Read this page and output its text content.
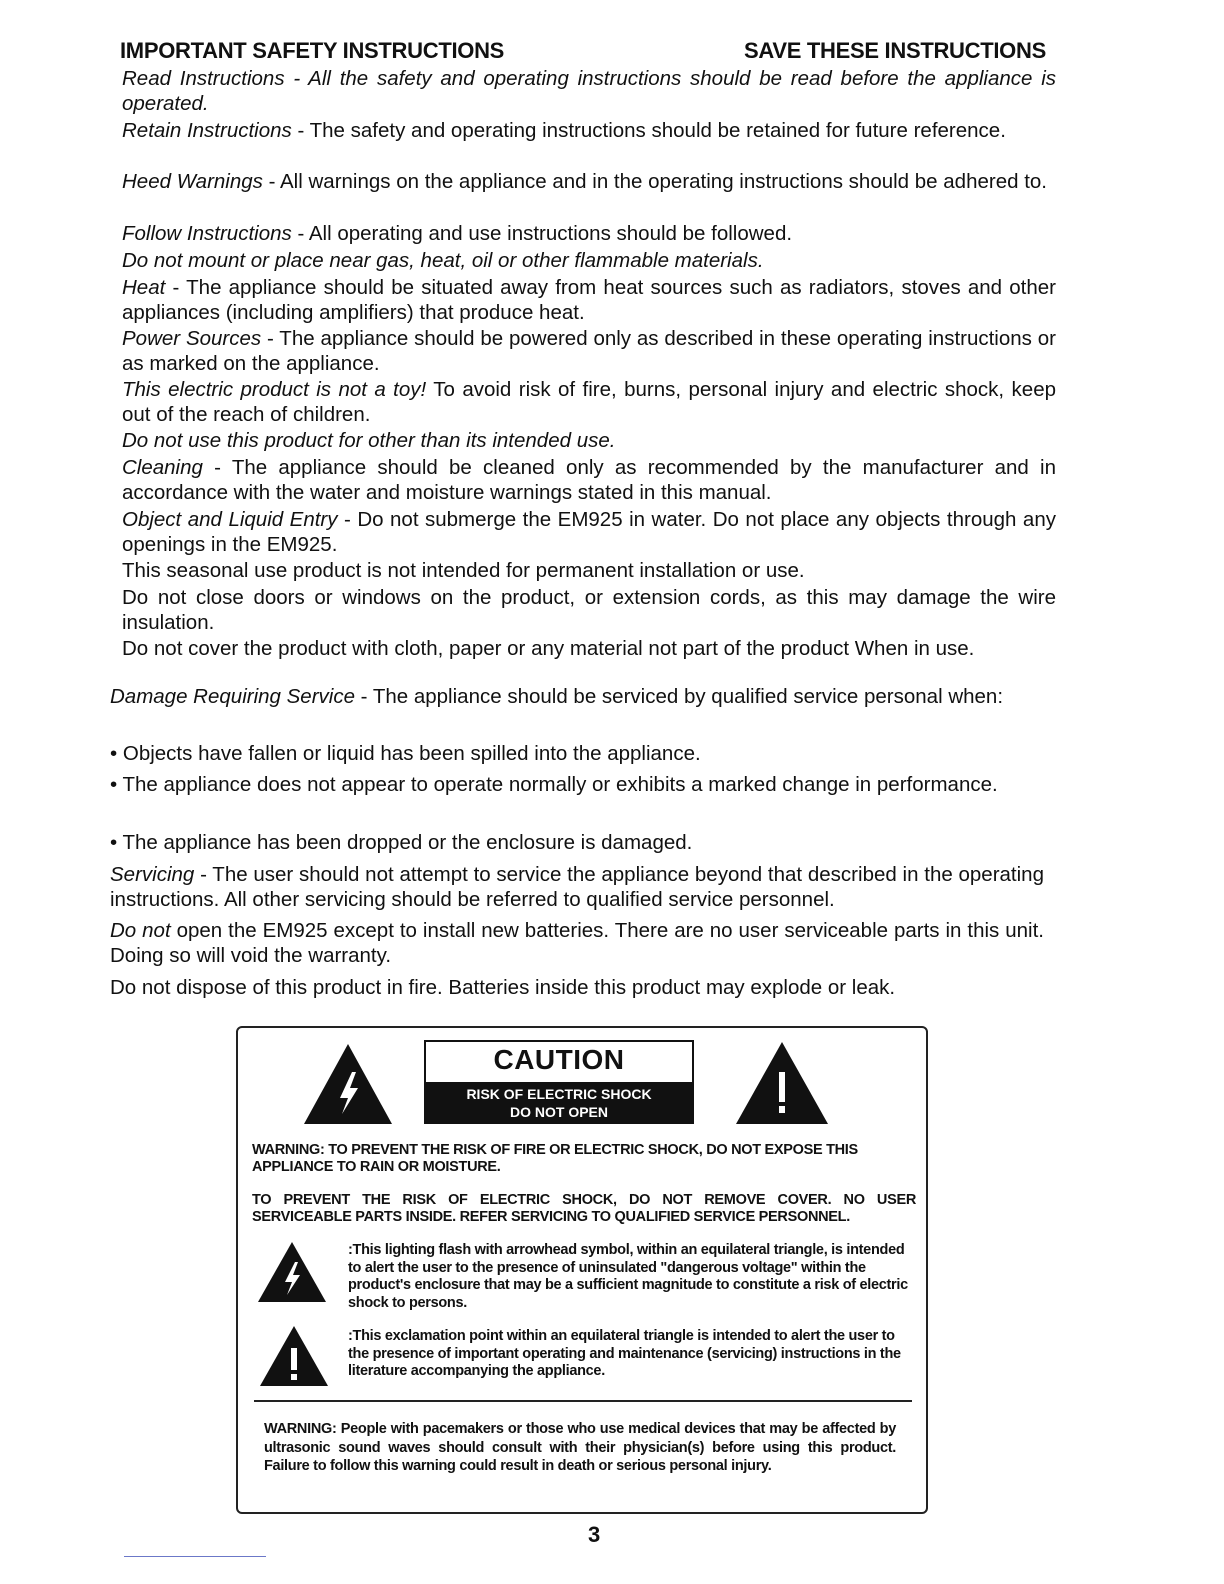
IMPORTANT SAFETY INSTRUCTIONS	SAVE THESE INSTRUCTIONS

Read Instructions - All the safety and operating instructions should be read before the appliance is operated.

Retain Instructions - The safety and operating instructions should be retained for future reference.

Heed Warnings - All warnings on the appliance and in the operating instructions should be adhered to.

Follow Instructions - All operating and use instructions should be followed.

Do not mount or place near gas, heat, oil or other flammable materials.

Heat - The appliance should be situated away from heat sources such as radiators, stoves and other appliances (including amplifiers) that produce heat.

Power Sources - The appliance should be powered only as described in these operating instructions or as marked on the appliance.

This electric product is not a toy! To avoid risk of fire, burns, personal injury and electric shock, keep out of the reach of children.

Do not use this product for other than its intended use.

Cleaning - The appliance should be cleaned only as recommended by the manufacturer and in accordance with the water and moisture warnings stated in this manual.

Object and Liquid Entry - Do not submerge the EM925 in water. Do not place any objects through any openings in the EM925.

This seasonal use product is not intended for permanent installation or use.

Do not close doors or windows on the product, or extension cords, as this may damage the wire insulation.

Do not cover the product with cloth, paper or any material not part of the product When in use.

Damage Requiring Service - The appliance should be serviced by qualified service personal when:

• Objects have fallen or liquid has been spilled into the appliance.

• The appliance does not appear to operate normally or exhibits a marked change in performance.

• The appliance has been dropped or the enclosure is damaged.

Servicing - The user should not attempt to service the appliance beyond that described in the operating instructions. All other servicing should be referred to qualified service personnel.

Do not open the EM925 except to install new batteries. There are no user serviceable parts in this unit. Doing so will void the warranty.

Do not dispose of this product in fire. Batteries inside this product may explode or leak.

CAUTION
RISK OF ELECTRIC SHOCK
DO NOT OPEN

WARNING: TO PREVENT THE RISK OF FIRE OR ELECTRIC SHOCK, DO NOT EXPOSE THIS APPLIANCE TO RAIN OR MOISTURE.

TO PREVENT THE RISK OF ELECTRIC SHOCK, DO NOT REMOVE COVER. NO USER SERVICEABLE PARTS INSIDE. REFER SERVICING TO QUALIFIED SERVICE PERSONNEL.

:This lighting flash with arrowhead symbol, within an equilateral triangle, is intended to alert the user to the presence of uninsulated "dangerous voltage" within the product's enclosure that may be a sufficient magnitude to constitute a risk of electric shock to persons.

:This exclamation point within an equilateral triangle is intended to alert the user to the presence of important operating and maintenance (servicing) instructions in the literature accompanying the appliance.

WARNING: People with pacemakers or those who use medical devices that may be affected by ultrasonic sound waves should consult with their physician(s) before using this product. Failure to follow this warning could result in death or serious personal injury.

3
